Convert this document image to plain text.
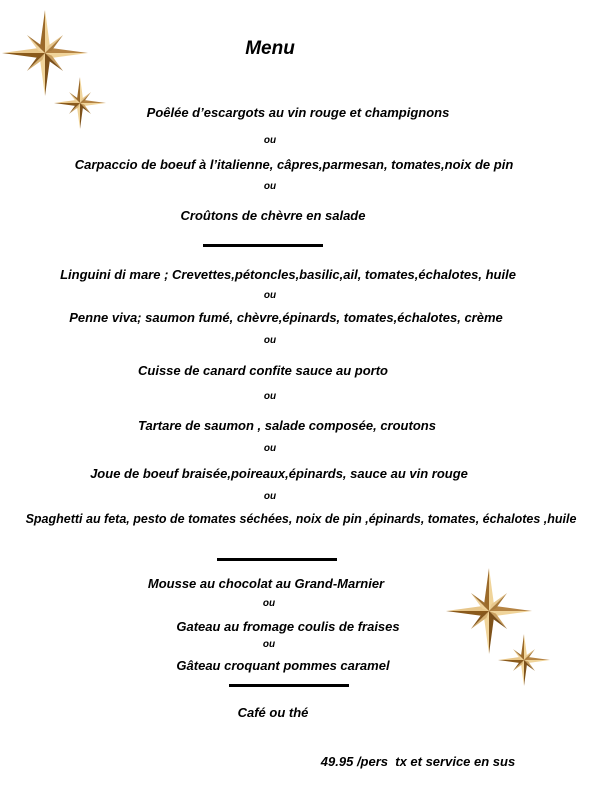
Menu
Poêlée d’escargots au vin rouge et champignons
ou
Carpaccio de boeuf à l’italienne, câpres,parmesan, tomates,noix de pin
ou
Croûtons de chèvre en salade
Linguini di mare ; Crevettes,pétoncles,basilic,ail, tomates,échalotes, huile
ou
Penne viva; saumon fumé, chèvre,épinards, tomates,échalotes, crème
ou
Cuisse de canard confite sauce au porto
ou
Tartare de saumon , salade composée, croutons
ou
Joue de boeuf braisée,poireaux,épinards, sauce au vin rouge
ou
Spaghetti au feta, pesto de tomates séchées, noix de pin ,épinards, tomates, échalotes ,huile
Mousse au chocolat au Grand-Marnier
ou
Gateau au fromage coulis de fraises
ou
Gâteau croquant pommes caramel
Café ou thé
49.95 /pers  tx et service en sus
